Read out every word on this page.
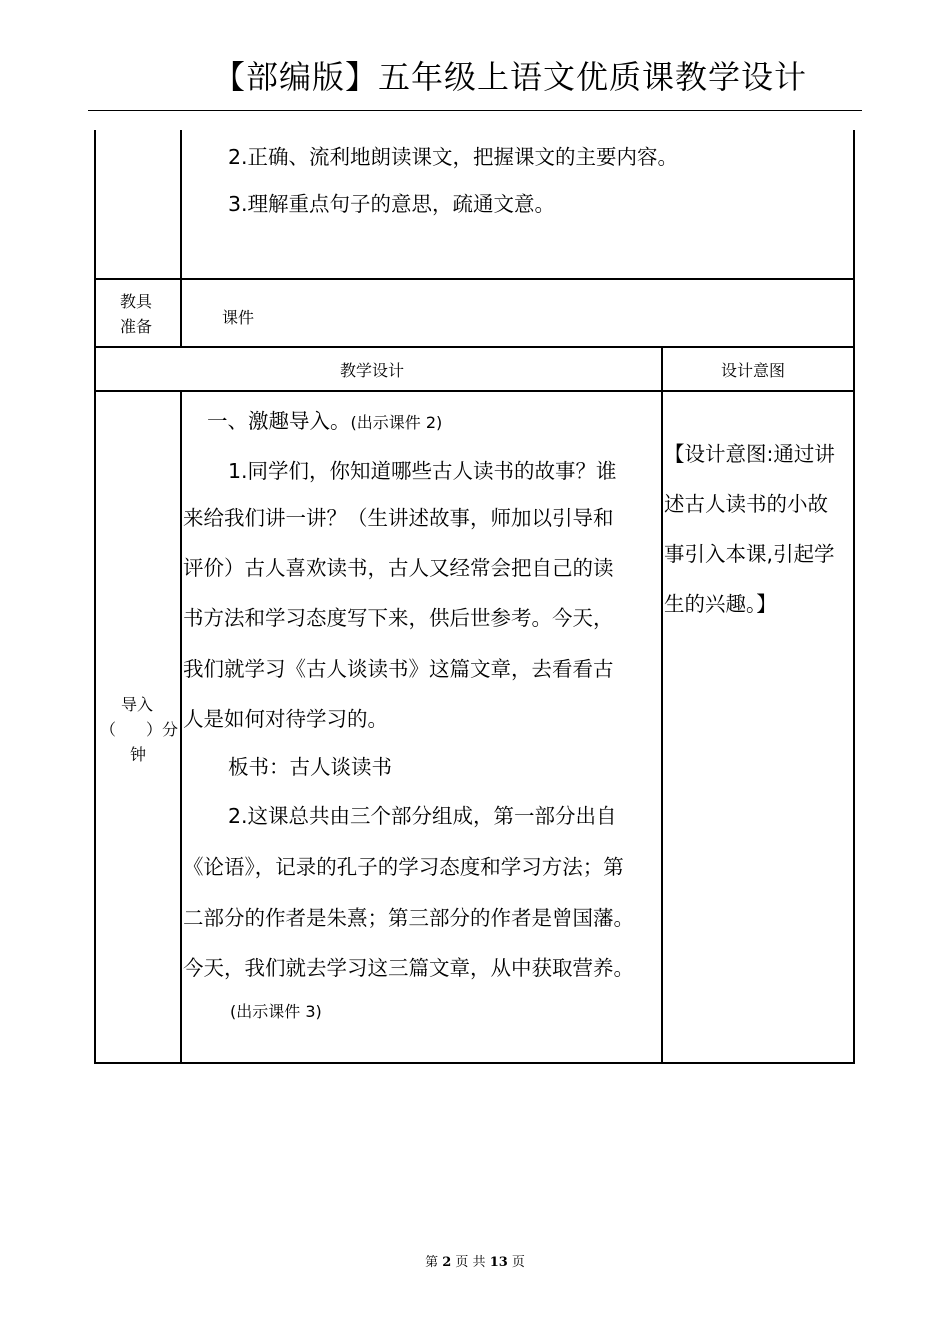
【部编版】五年级上语文优质课教学设计
2.正确、流利地朗读课文，把握课文的主要内容。
3.理解重点句子的意思，疏通文意。
教具
准备	课件
教学设计	设计意图
导入
（ ）分
钟
一、激趣导入。(出示课件 2)
1.同学们，你知道哪些古人读书的故事？谁
来给我们讲一讲？（生讲述故事，师加以引导和
评价）古人喜欢读书，古人又经常会把自己的读
书方法和学习态度写下来，供后世参考。今天，
我们就学习《古人谈读书》这篇文章，去看看古
人是如何对待学习的。
板书：古人谈读书
2.这课总共由三个部分组成，第一部分出自
《论语》，记录的孔子的学习态度和学习方法；第
二部分的作者是朱熹；第三部分的作者是曾国藩。
今天，我们就去学习这三篇文章，从中获取营养。
(出示课件 3)
【设计意图:通过讲
述古人读书的小故
事引入本课,引起学
生的兴趣。】
第 2 页 共 13 页
